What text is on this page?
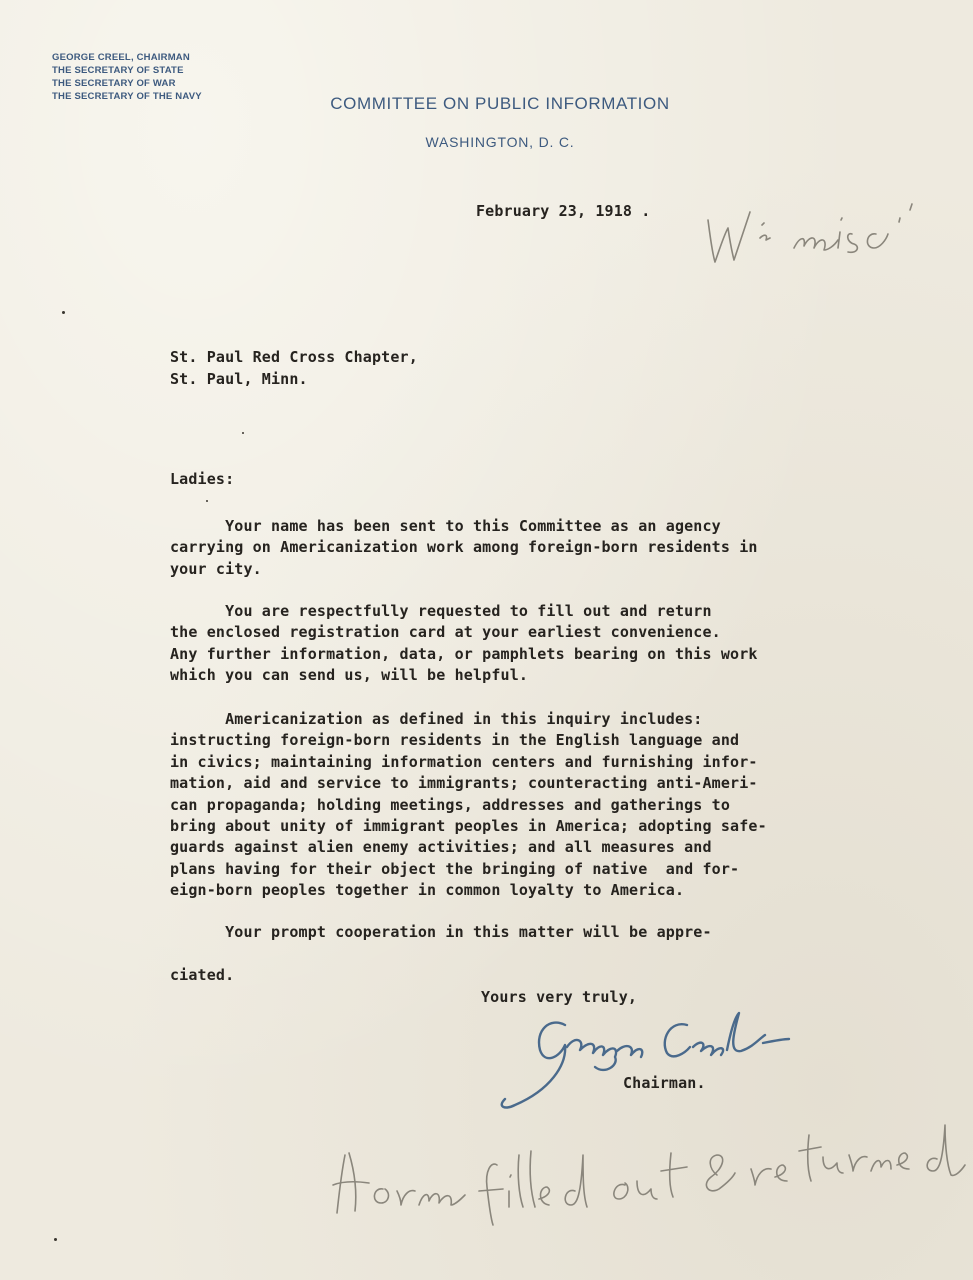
GEORGE CREEL, CHAIRMAN
THE SECRETARY OF STATE
THE SECRETARY OF WAR
THE SECRETARY OF THE NAVY	COMMITTEE ON PUBLIC INFORMATION
WASHINGTON, D. C.
February 23, 1918 .
St. Paul Red Cross Chapter,
St. Paul, Minn.
Ladies:
Your name has been sent to this Committee as an agency
carrying on Americanization work among foreign-born residents in
your city.
You are respectfully requested to fill out and return
the enclosed registration card at your earliest convenience.
Any further information, data, or pamphlets bearing on this work
which you can send us, will be helpful.
Americanization as defined in this inquiry includes:
instructing foreign-born residents in the English language and
in civics; maintaining information centers and furnishing infor-
mation, aid and service to immigrants; counteracting anti-Ameri-
can propaganda; holding meetings, addresses and gatherings to
bring about unity of immigrant peoples in America; adopting safe-
guards against alien enemy activities; and all measures and
plans having for their object the bringing of native  and for-
eign-born peoples together in common loyalty to America.
Your prompt cooperation in this matter will be appre-
ciated.
Yours very truly,
Chairman.
